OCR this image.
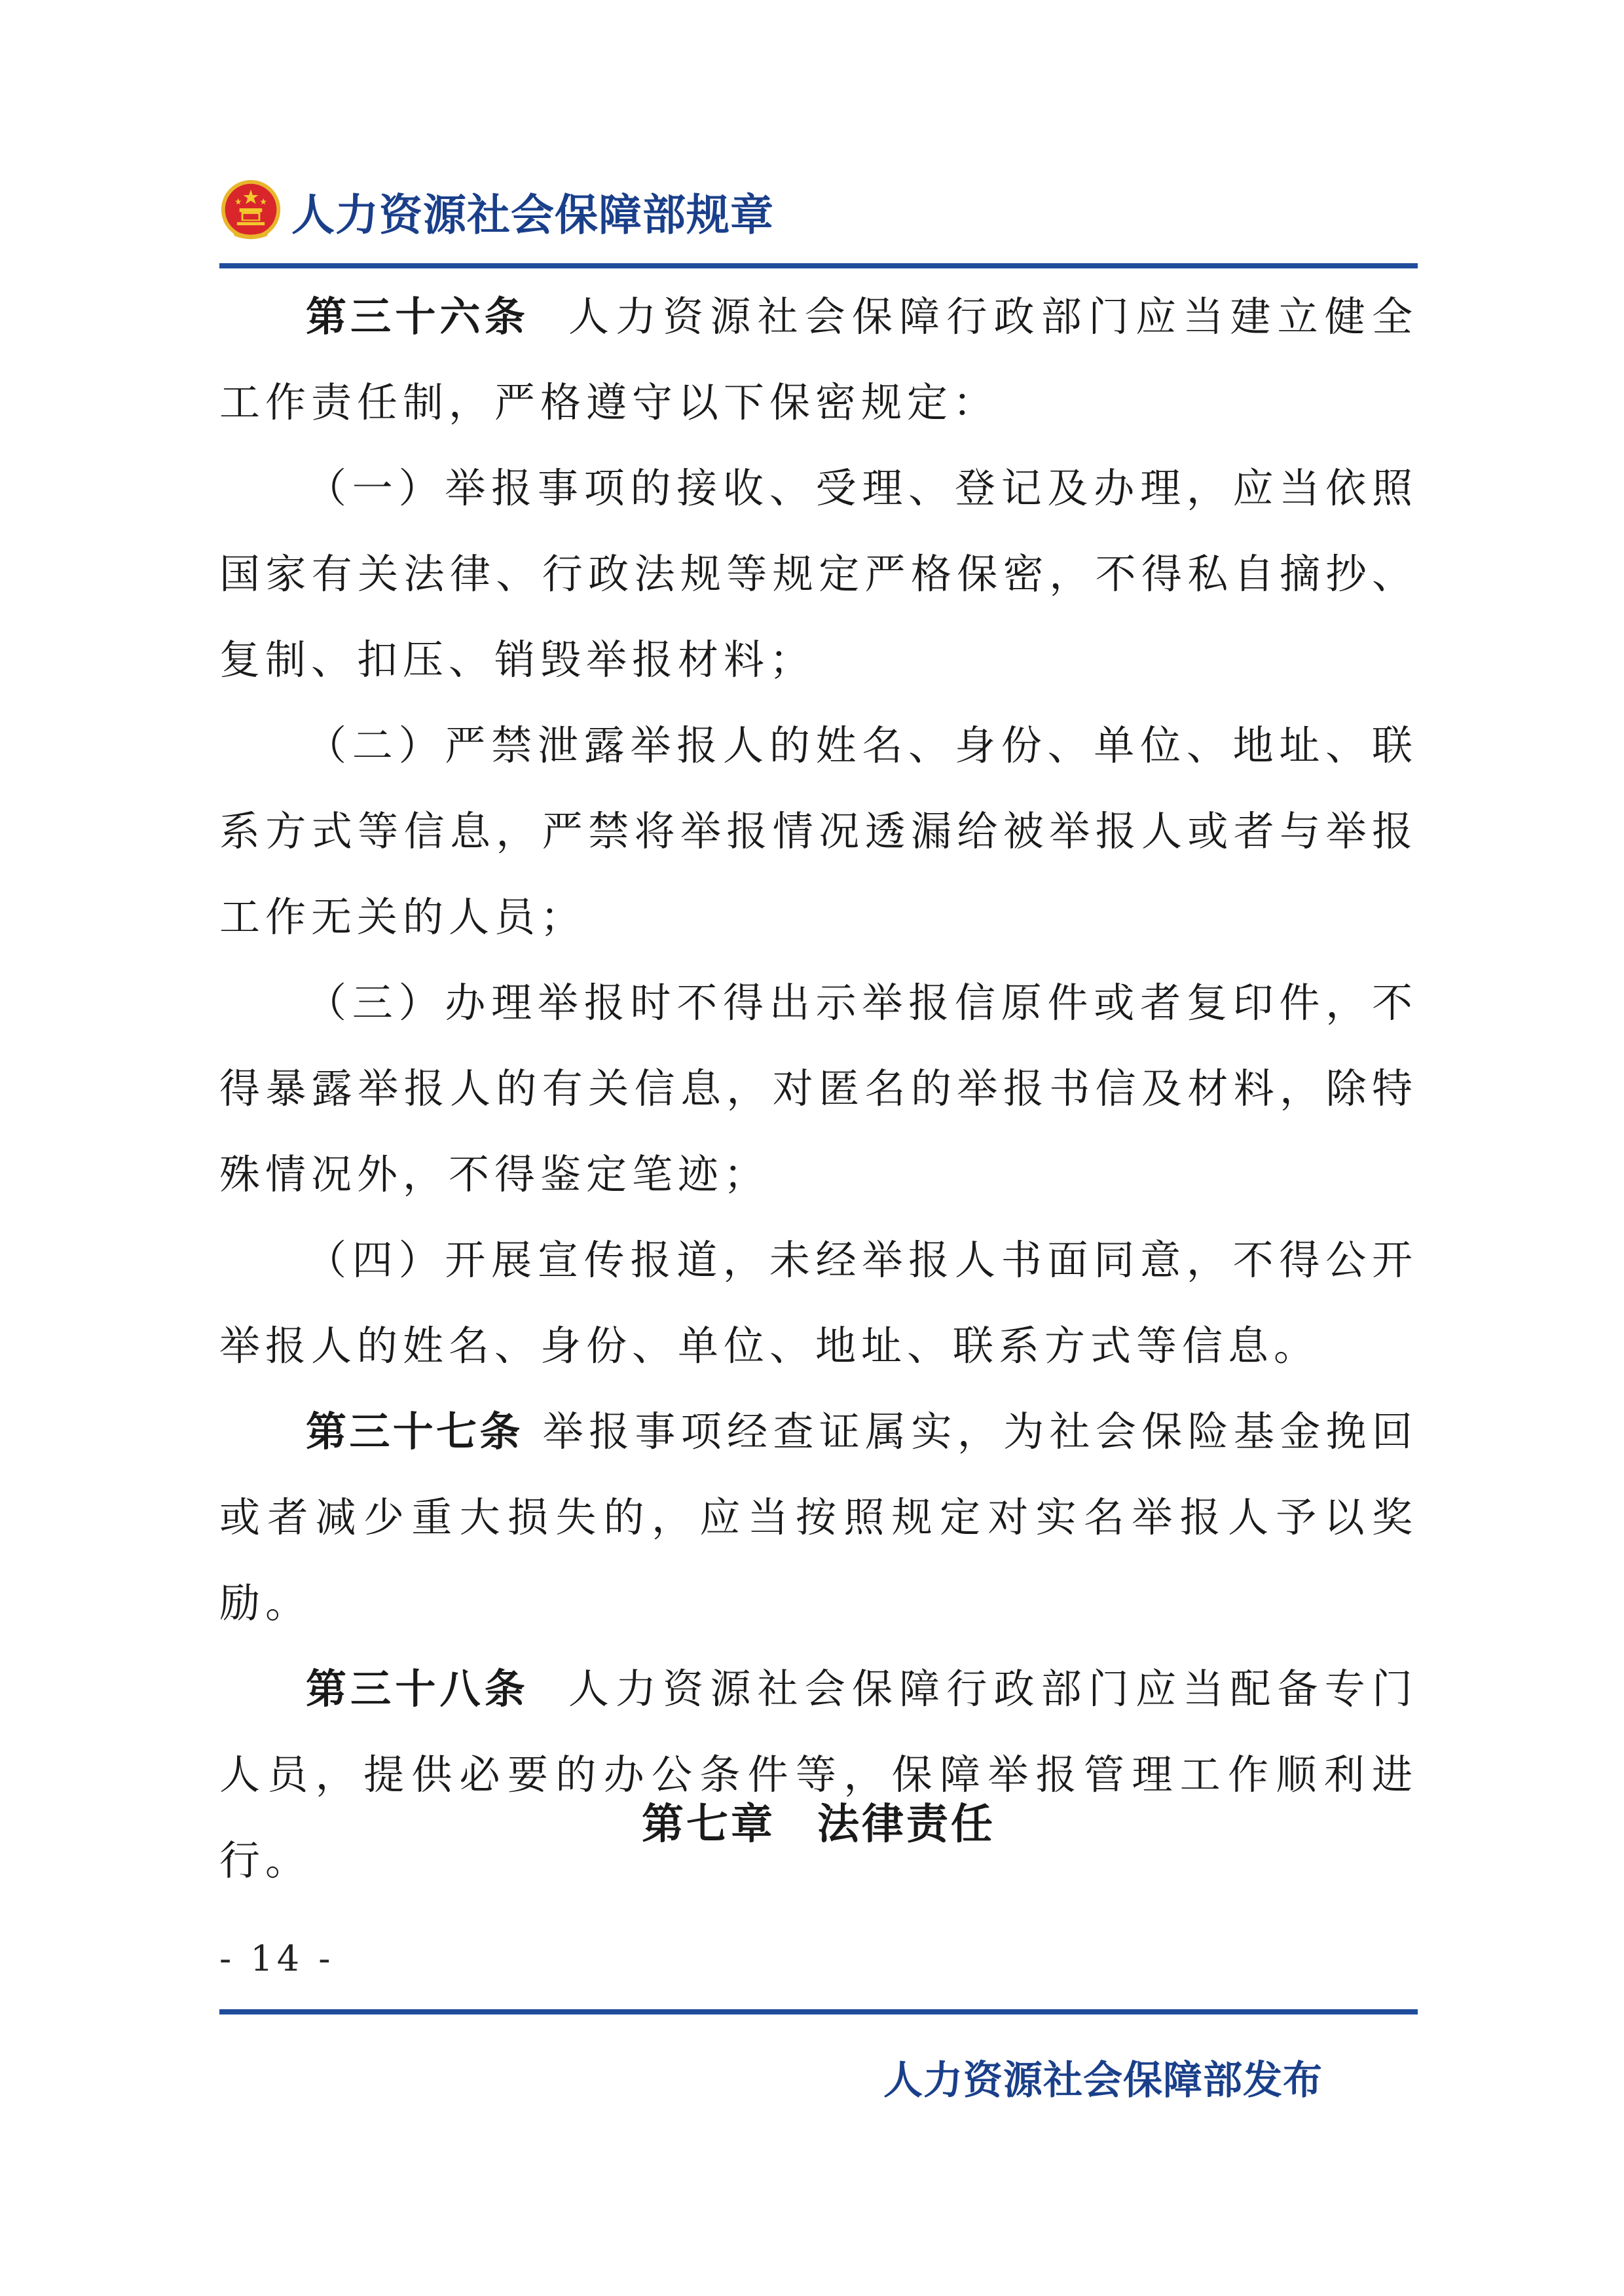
人力资源社会保障部规章

第三十六条 人力资源社会保障行政部门应当建立健全工作责任制，严格遵守以下保密规定：

（一）举报事项的接收、受理、登记及办理，应当依照国家有关法律、行政法规等规定严格保密，不得私自摘抄、复制、扣压、销毁举报材料；

（二）严禁泄露举报人的姓名、身份、单位、地址、联系方式等信息，严禁将举报情况透漏给被举报人或者与举报工作无关的人员；

（三）办理举报时不得出示举报信原件或者复印件，不得暴露举报人的有关信息，对匿名的举报书信及材料，除特殊情况外，不得鉴定笔迹；

（四）开展宣传报道，未经举报人书面同意，不得公开举报人的姓名、身份、单位、地址、联系方式等信息。

第三十七条 举报事项经查证属实，为社会保险基金挽回或者减少重大损失的，应当按照规定对实名举报人予以奖励。

第三十八条 人力资源社会保障行政部门应当配备专门人员，提供必要的办公条件等，保障举报管理工作顺利进行。

第七章 法律责任
- 14 -
人力资源社会保障部发布
